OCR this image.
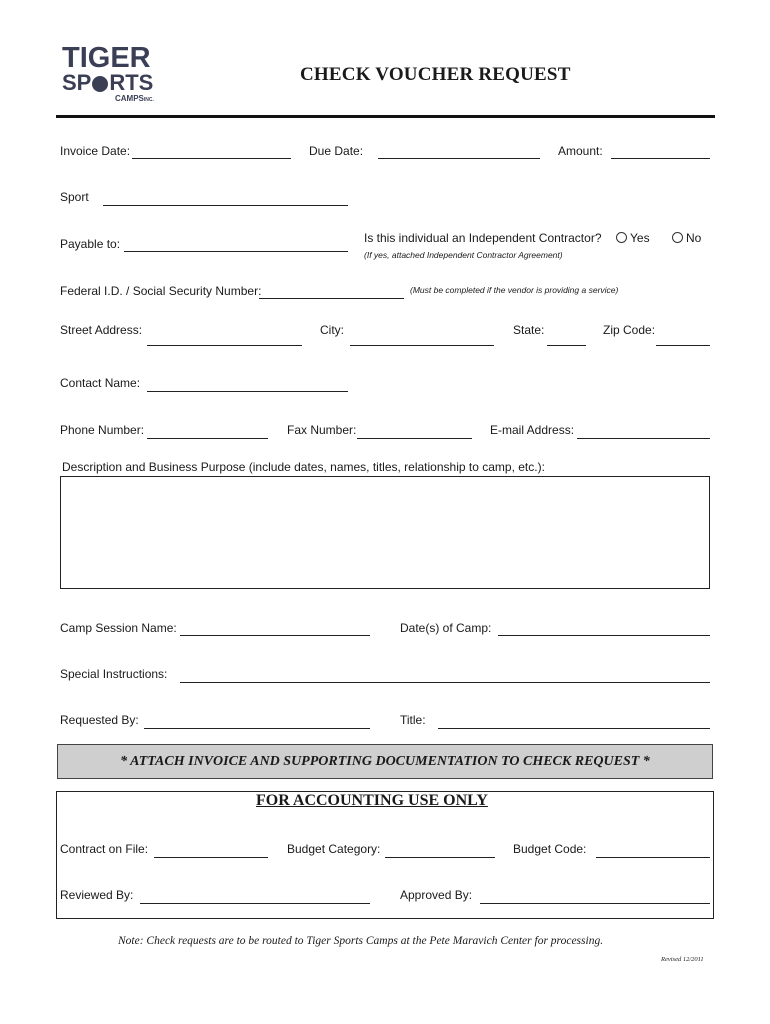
TIGER
SP RTS
CAMPSINC.
CHECK VOUCHER REQUEST
Invoice Date:	Due Date:	Amount:
Sport
Payable to:	Is this individual an Independent Contractor? Yes	No
(If yes, attached Independent Contractor Agreement)
Federal I.D. / Social Security Number:	(Must be completed if the vendor is providing a service)
Street Address:	City:	State:	Zip Code:
Contact Name:
Phone Number:	Fax Number:	E-mail Address:
Description and Business Purpose (include dates, names, titles, relationship to camp, etc.):
Camp Session Name:	Date(s) of Camp:
Special Instructions:
Requested By:	Title:
* ATTACH INVOICE AND SUPPORTING DOCUMENTATION TO CHECK REQUEST *
FOR ACCOUNTING USE ONLY
Contract on File:	Budget Category:	Budget Code:
Reviewed By:	Approved By:
Note: Check requests are to be routed to Tiger Sports Camps at the Pete Maravich Center for processing.
Revised 12/2011
